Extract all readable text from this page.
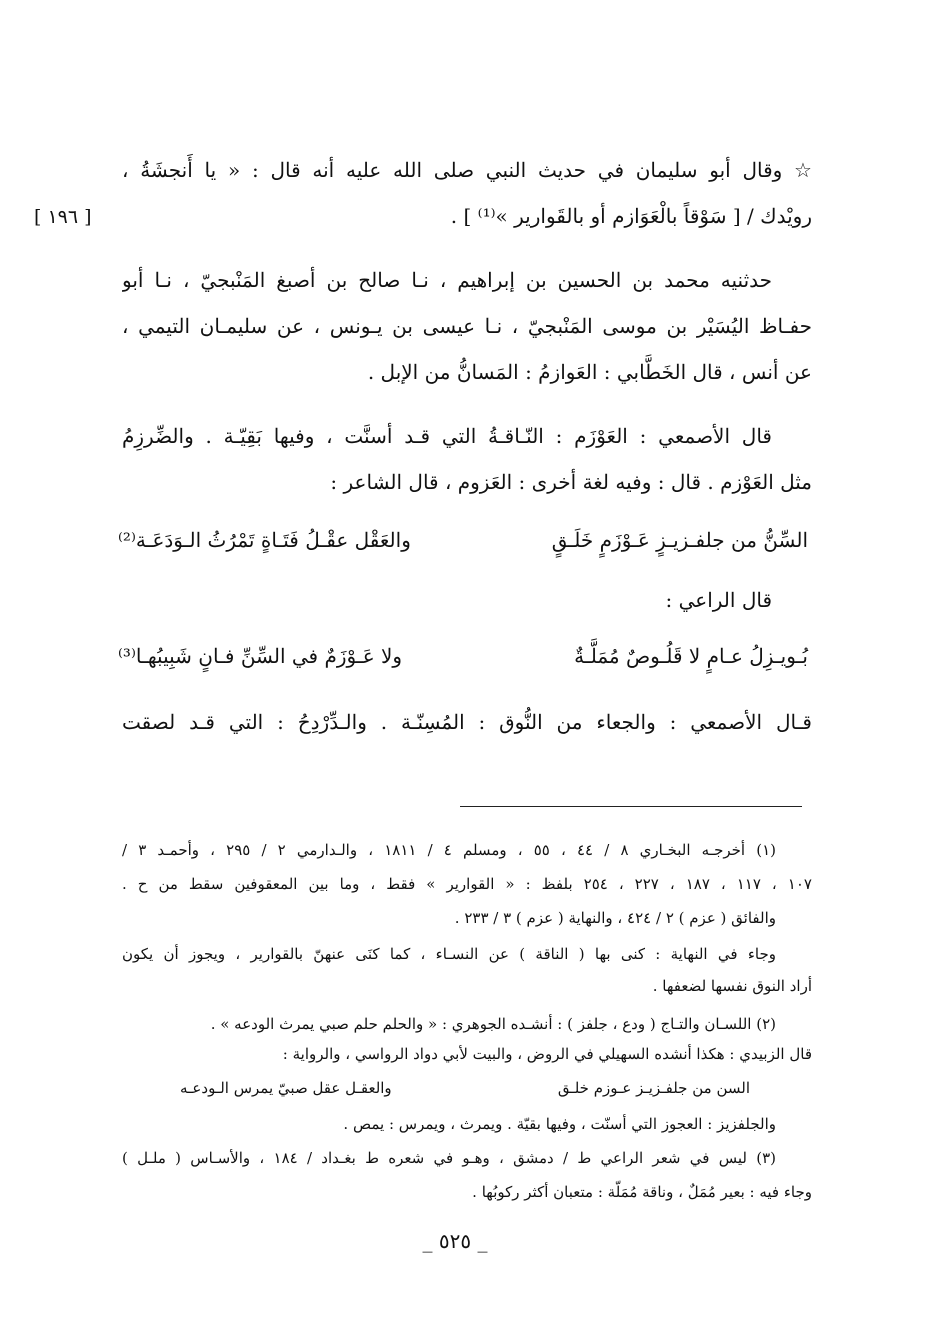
[ ١٩٦ ]
☆ وقال أبو سليمان في حديث النبي صلى الله عليه أنه قال : « يا أَنجشَةُ ،
رويْدك / [ سَوْقاً بالْعَوَازم أو بالقَوارير »⁽¹⁾ ] .
حدثنيه محمد بن الحسين بن إبراهيم ، نـا صالح بن أصبغ المَنْبجيّ ، نـا أبو
حفـاظ اليُسَيْر بن موسى المَنْبجيّ ، نـا عيسى بن يـونس ، عن سليمـان التيمي ،
عن أنس ، قال الخَطَّابي : العَوازمُ : المَسانُّ من الإبل .
قال الأصمعي : العَوْزَم : النّـاقـةُ التي قـد أسنَّت ، وفيها بَقِيّـة . والضِّرزِمُ
مثل العَوْزم . قال : وفيه لغة أخرى : العَزوم ، قال الشاعر :
السِّنُّ من جلفـزيـزٍ عَـوْزَمٍ خَلَـقٍ
والعَقْل عقْـلُ فَتَـاةٍ تَمْرُثُ الـوَدَعَـة⁽²⁾
قال الراعي :
بُـويـزِلُ عـامٍ لا قَلُـوصٌ مُمَلَّـةٌ
ولا عَـوْزَمٌ في السِّنِّ فـانٍ شَبِيبُهـا⁽³⁾
قـال الأصمعي : والجعاء من النُّوق : المُسِنّـة . والـدِّرْدِحُ : التي قـد لصقت
(١) أخرجـه البخـاري ٨ / ٤٤ ، ٥٥ ، ومسلم ٤ / ١٨١١ ، والـدارمي ٢ / ٢٩٥ ، وأحمـد ٣ /
١٠٧ ، ١١٧ ، ١٨٧ ، ٢٢٧ ، ٢٥٤ بلفظ : « القوارير » فقط ، وما بين المعقوفين سقط من ح .
والفائق ( عزم ) ٢ / ٤٢٤ ، والنهاية ( عزم ) ٣ / ٢٣٣ .
وجاء في النهاية : كنى بها ( الناقة ) عن النسـاء ، كما كنَى عنهنّ بالقوارير ، ويجوز أن يكون
أراد النوق نفسها لضعفها .
(٢) اللسـان والتـاج ( ودع ، جلفز ) : أنشـده الجوهري : « والحلم حلم صبي يمرث الودعه » .
قال الزبيدي : هكذا أنشده السهيلي في الروض ، والبيت لأبي دواد الرواسي ، والرواية :
السن من جلفـزيـز عـوزم خلـق
والعقـل عقل صبيّ يمرس الـودعـه
والجلفزيز : العجوز التي أسنّت ، وفيها بقيّة . ويمرث ، ويمرس : يمص .
(٣) ليس في شعر الراعي ط / دمشق ، وهـو في شعره ط بغـداد / ١٨٤ ، والأسـاس ( ملـل )
وجاء فيه : بعير مُمَلٌ ، وناقة مُمَلّة : متعبان أكثر ركوبُها .
_ ٥٢٥ _
